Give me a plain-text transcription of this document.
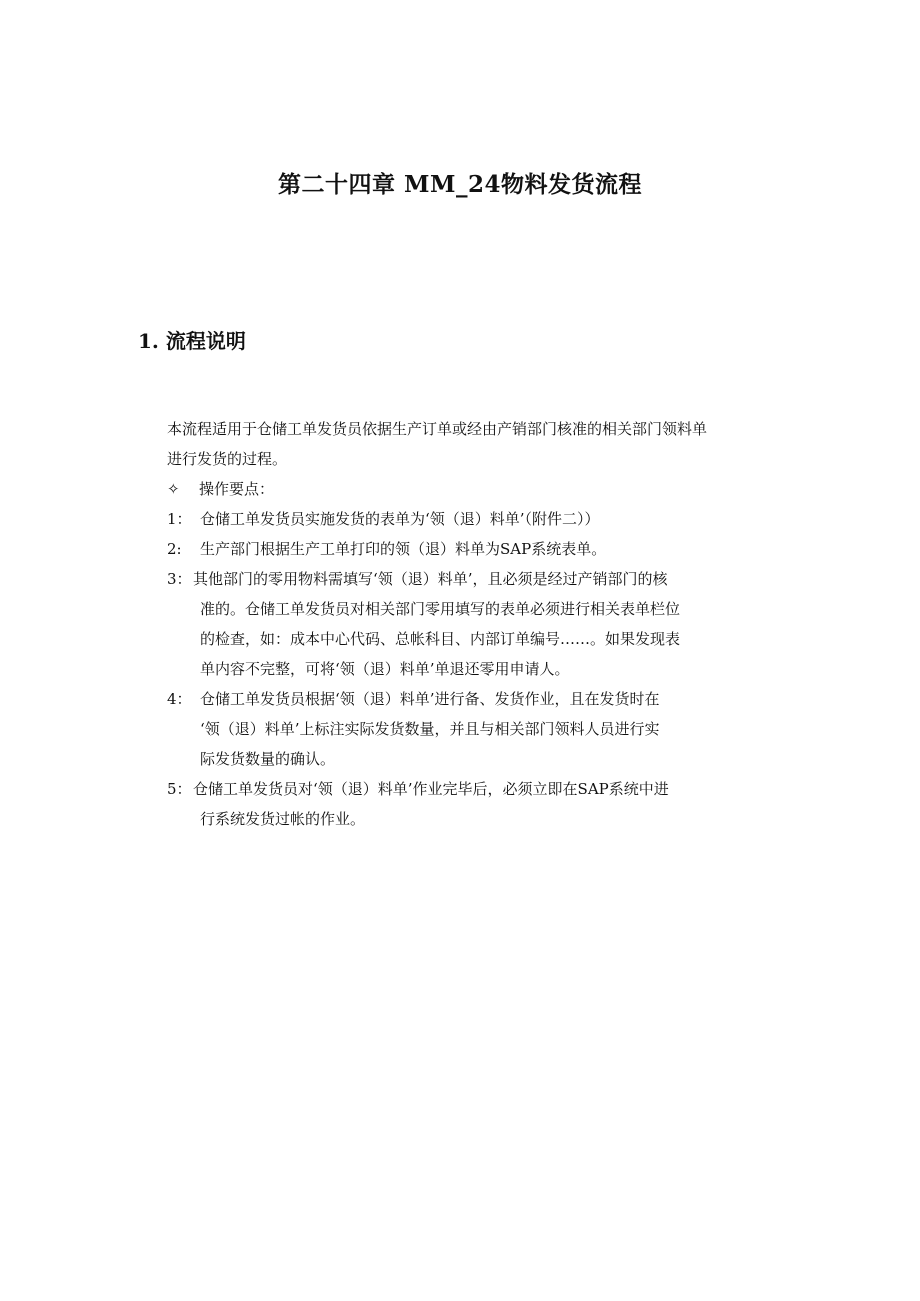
第二十四章 MM_24物料发货流程
1. 流程说明
本流程适用于仓储工单发货员依据生产订单或经由产销部门核准的相关部门领料单
进行发货的过程。
✧ 操作要点：
1： 仓储工单发货员实施发货的表单为‘领（退）料单’（附件二））
2: 生产部门根据生产工单打印的领（退）料单为SAP系统表单。
3：其他部门的零用物料需填写‘领（退）料单’，且必须是经过产销部门的核
准的。仓储工单发货员对相关部门零用填写的表单必须进行相关表单栏位
的检查，如：成本中心代码、总帐科目、内部订单编号……。如果发现表
单内容不完整，可将‘领（退）料单’单退还零用申请人。
4： 仓储工单发货员根据‘领（退）料单’进行备、发货作业，且在发货时在
‘领（退）料单’上标注实际发货数量，并且与相关部门领料人员进行实
际发货数量的确认。
5：仓储工单发货员对‘领（退）料单’作业完毕后，必须立即在SAP系统中进
行系统发货过帐的作业。
